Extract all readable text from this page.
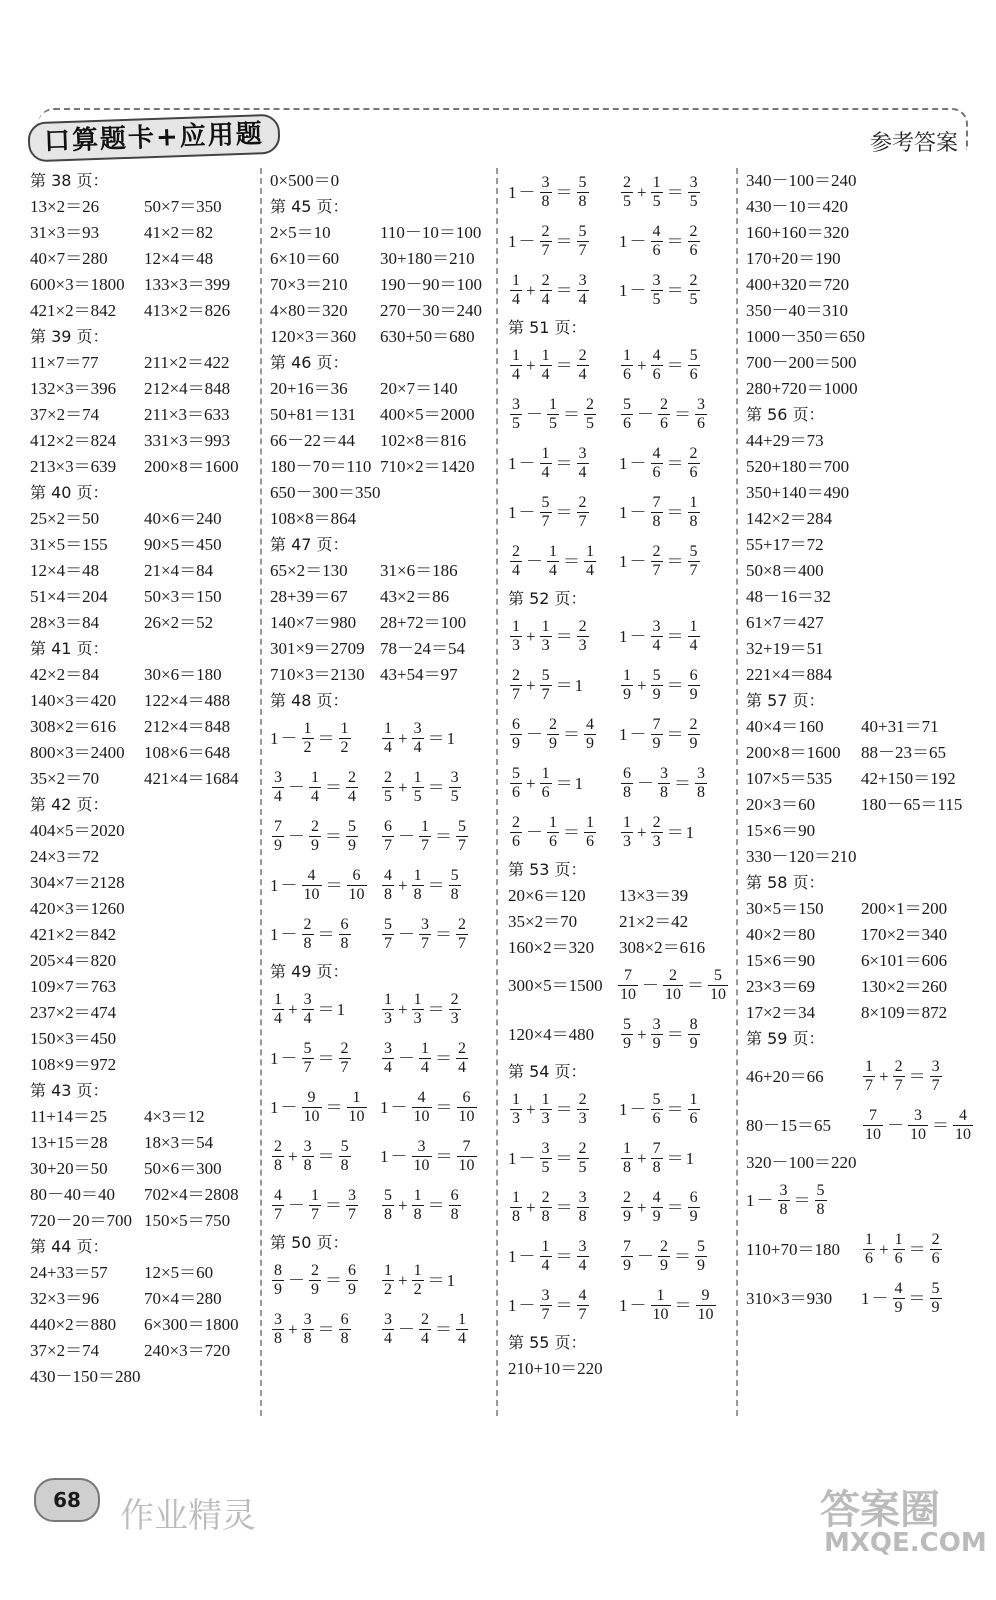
口算题卡+应用题	参考答案
第 38 页：
13×2＝26	50×7＝350
31×3＝93	41×2＝82
40×7＝280 12×4＝48
600×3＝1800 133×3＝399
421×2＝842 413×2＝826
第 39 页：
11×7＝77	211×2＝422
132×3＝396 212×4＝848
37×2＝74	211×3＝633
412×2＝824 331×3＝993
213×3＝639 200×8＝1600
第 40 页：
25×2＝50	40×6＝240
31×5＝155 90×5＝450
12×4＝48	21×4＝84
51×4＝204 50×3＝150
28×3＝84	26×2＝52
第 41 页：
42×2＝84	30×6＝180
140×3＝420 122×4＝488
308×2＝616 212×4＝848
800×3＝2400 108×6＝648
35×2＝70	421×4＝1684
第 42 页：
404×5＝2020
24×3＝72
304×7＝2128
420×3＝1260
421×2＝842
205×4＝820
109×7＝763
237×2＝474
150×3＝450
108×9＝972
第 43 页：
11+14＝25 4×3＝12
13+15＝28 18×3＝54
30+20＝50 50×6＝300
80－40＝40 702×4＝2808
720－20＝700 150×5＝750
第 44 页：
24+33＝57 12×5＝60
32×3＝96	70×4＝280
440×2＝880 6×300＝1800
37×2＝74	240×3＝720
430－150＝280
0×500＝0
第 45 页：
2×5＝10	110－10＝100
6×10＝60 30+180＝210
70×3＝210 190－90＝100
4×80＝320 270－30＝240
120×3＝360 630+50＝680
第 46 页：
20+16＝36 20×7＝140
50+81＝131 400×5＝2000
66－22＝44 102×8＝816
180－70＝110 710×2＝1420
650－300＝350
108×8＝864
第 47 页：
65×2＝130 31×6＝186
28+39＝67 43×2＝86
140×7＝980 28+72＝100
301×9＝2709 78－24＝54
710×3＝2130 43+54＝97
第 48 页：
$1 - \frac{1}{2} = \frac{1}{2} \frac{1}{4} + \frac{3}{4} = 1$
$\frac{3}{4} - \frac{1}{4} = \frac{2}{4} \frac{2}{5} + \frac{1}{5} = \frac{3}{5}$
$\frac{7}{9} - \frac{2}{9} = \frac{5}{9} \frac{6}{7} - \frac{1}{7} = \frac{5}{7}$
$1 - \frac{4}{10} = \frac{6}{10} \frac{4}{8} + \frac{1}{8} = \frac{5}{8}$
$1 - \frac{2}{8} = \frac{6}{8} \frac{5}{7} - \frac{3}{7} = \frac{2}{7}$
第 49 页：
$\frac{1}{4} + \frac{3}{4} = 1 \frac{1}{3} + \frac{1}{3} = \frac{2}{3}$
$1 - \frac{5}{7} = \frac{2}{7} \frac{3}{4} - \frac{1}{4} = \frac{2}{4}$
$1 - \frac{9}{10} = \frac{1}{10} 1 - \frac{4}{10} = \frac{6}{10}$
$\frac{2}{8} + \frac{3}{8} = \frac{5}{8} 1 - \frac{3}{10} = \frac{7}{10}$
$\frac{4}{7} - \frac{1}{7} = \frac{3}{7} \frac{5}{8} + \frac{1}{8} = \frac{6}{8}$
第 50 页：
$\frac{8}{9} - \frac{2}{9} = \frac{6}{9} \frac{1}{2} + \frac{1}{2} = 1$
$\frac{3}{8} + \frac{3}{8} = \frac{6}{8} \frac{3}{4} - \frac{2}{4} = \frac{1}{4}$
$1 - \frac{3}{8} = \frac{5}{8} \frac{2}{5} + \frac{1}{5} = \frac{3}{5}$
$1 - \frac{2}{7} = \frac{5}{7} 1 - \frac{4}{6} = \frac{2}{6}$
$\frac{1}{4} + \frac{2}{4} = \frac{3}{4} 1 - \frac{3}{5} = \frac{2}{5}$
第 51 页：
$\frac{1}{4} + \frac{1}{4} = \frac{2}{4} \frac{1}{6} + \frac{4}{6} = \frac{5}{6}$
$\frac{3}{5} - \frac{1}{5} = \frac{2}{5} \frac{5}{6} - \frac{2}{6} = \frac{3}{6}$
$1 - \frac{1}{4} = \frac{3}{4} 1 - \frac{4}{6} = \frac{2}{6}$
$1 - \frac{5}{7} = \frac{2}{7} 1 - \frac{7}{8} = \frac{1}{8}$
$\frac{2}{4} - \frac{1}{4} = \frac{1}{4} 1 - \frac{2}{7} = \frac{5}{7}$
第 52 页：
$\frac{1}{3} + \frac{1}{3} = \frac{2}{3} 1 - \frac{3}{4} = \frac{1}{4}$
$\frac{2}{7} + \frac{5}{7} = 1 \frac{1}{9} + \frac{5}{9} = \frac{6}{9}$
$\frac{6}{9} - \frac{2}{9} = \frac{4}{9} 1 - \frac{7}{9} = \frac{2}{9}$
$\frac{5}{6} + \frac{1}{6} = 1 \frac{6}{8} - \frac{3}{8} = \frac{3}{8}$
$\frac{2}{6} - \frac{1}{6} = \frac{1}{6} \frac{1}{3} + \frac{2}{3} = 1$
第 53 页：
20×6＝120 13×3＝39
35×2＝70 21×2＝42
160×2＝320 308×2＝616
$300\times 5=1500 \frac{7}{10} - \frac{2}{10} = \frac{5}{10}$
$120\times 4=480 \frac{5}{9} + \frac{3}{9} = \frac{8}{9}$
第 54 页：
$\frac{1}{3} + \frac{1}{3} = \frac{2}{3} 1 - \frac{5}{6} = \frac{1}{6}$
$1 - \frac{3}{5} = \frac{2}{5} \frac{1}{8} + \frac{7}{8} = 1$
$\frac{1}{8} + \frac{2}{8} = \frac{3}{8} \frac{2}{9} + \frac{4}{9} = \frac{6}{9}$
$1 - \frac{1}{4} = \frac{3}{4} \frac{7}{9} - \frac{2}{9} = \frac{5}{9}$
$1 - \frac{3}{7} = \frac{4}{7} 1 - \frac{1}{10} = \frac{9}{10}$
第 55 页：
210+10＝220
340－100＝240
430－10＝420
160+160＝320
170+20＝190
400+320＝720
350－40＝310
1000－350＝650
700－200＝500
280+720＝1000
第 56 页：
44+29＝73
520+180＝700
350+140＝490
142×2＝284
55+17＝72
50×8＝400
48－16＝32
61×7＝427
32+19＝51
221×4＝884
第 57 页：
40×4＝160 40+31＝71
200×8＝1600 88－23＝65
107×5＝535 42+150＝192
20×3＝60	180－65＝115
15×6＝90
330－120＝210
第 58 页：
30×5＝150 200×1＝200
40×2＝80	170×2＝340
15×6＝90	6×101＝606
23×3＝69	130×2＝260
17×2＝34	8×109＝872
第 59 页：
$46+20=66 \frac{1}{7} + \frac{2}{7} = \frac{3}{7}$
$80-15=65 \frac{7}{10} - \frac{3}{10} = \frac{4}{10}$
320－100＝220
$1 - \frac{3}{8} = \frac{5}{8}$
$110+70=180 \frac{1}{6} + \frac{1}{6} = \frac{2}{6}$
310×3＝930 $1 - \frac{4}{9} = \frac{5}{9}$
68	作业精灵	答案圈
MXQE.COM
